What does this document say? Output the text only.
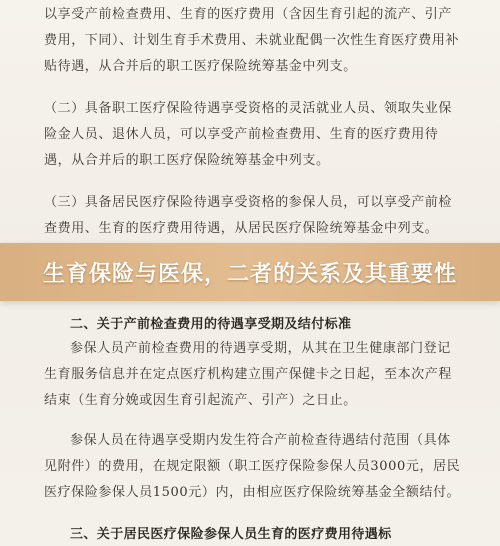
以享受产前检查费用、生育的医疗费用（含因生育引起的流产、引产费用，下同）、计划生育手术费用、未就业配偶一次性生育医疗费用补贴待遇，从合并后的职工医疗保险统筹基金中列支。
（二）具备职工医疗保险待遇享受资格的灵活就业人员、领取失业保险金人员、退休人员，可以享受产前检查费用、生育的医疗费用待遇，从合并后的职工医疗保险统筹基金中列支。
（三）具备居民医疗保险待遇享受资格的参保人员，可以享受产前检查费用、生育的医疗费用待遇，从居民医疗保险统筹基金中列支。
二、关于产前检查费用的待遇享受期及结付标准
参保人员产前检查费用的待遇享受期，从其在卫生健康部门登记生育服务信息并在定点医疗机构建立围产保健卡之日起，至本次产程结束（生育分娩或因生育引起流产、引产）之日止。
参保人员在待遇享受期内发生符合产前检查待遇结付范围（具体见附件）的费用，在规定限额（职工医疗保险参保人员3000元，居民医疗保险参保人员1500元）内，由相应医疗保险统筹基金全额结付。
三、关于居民医疗保险参保人员生育的医疗费用待遇标
生育保险与医保，二者的关系及其重要性
